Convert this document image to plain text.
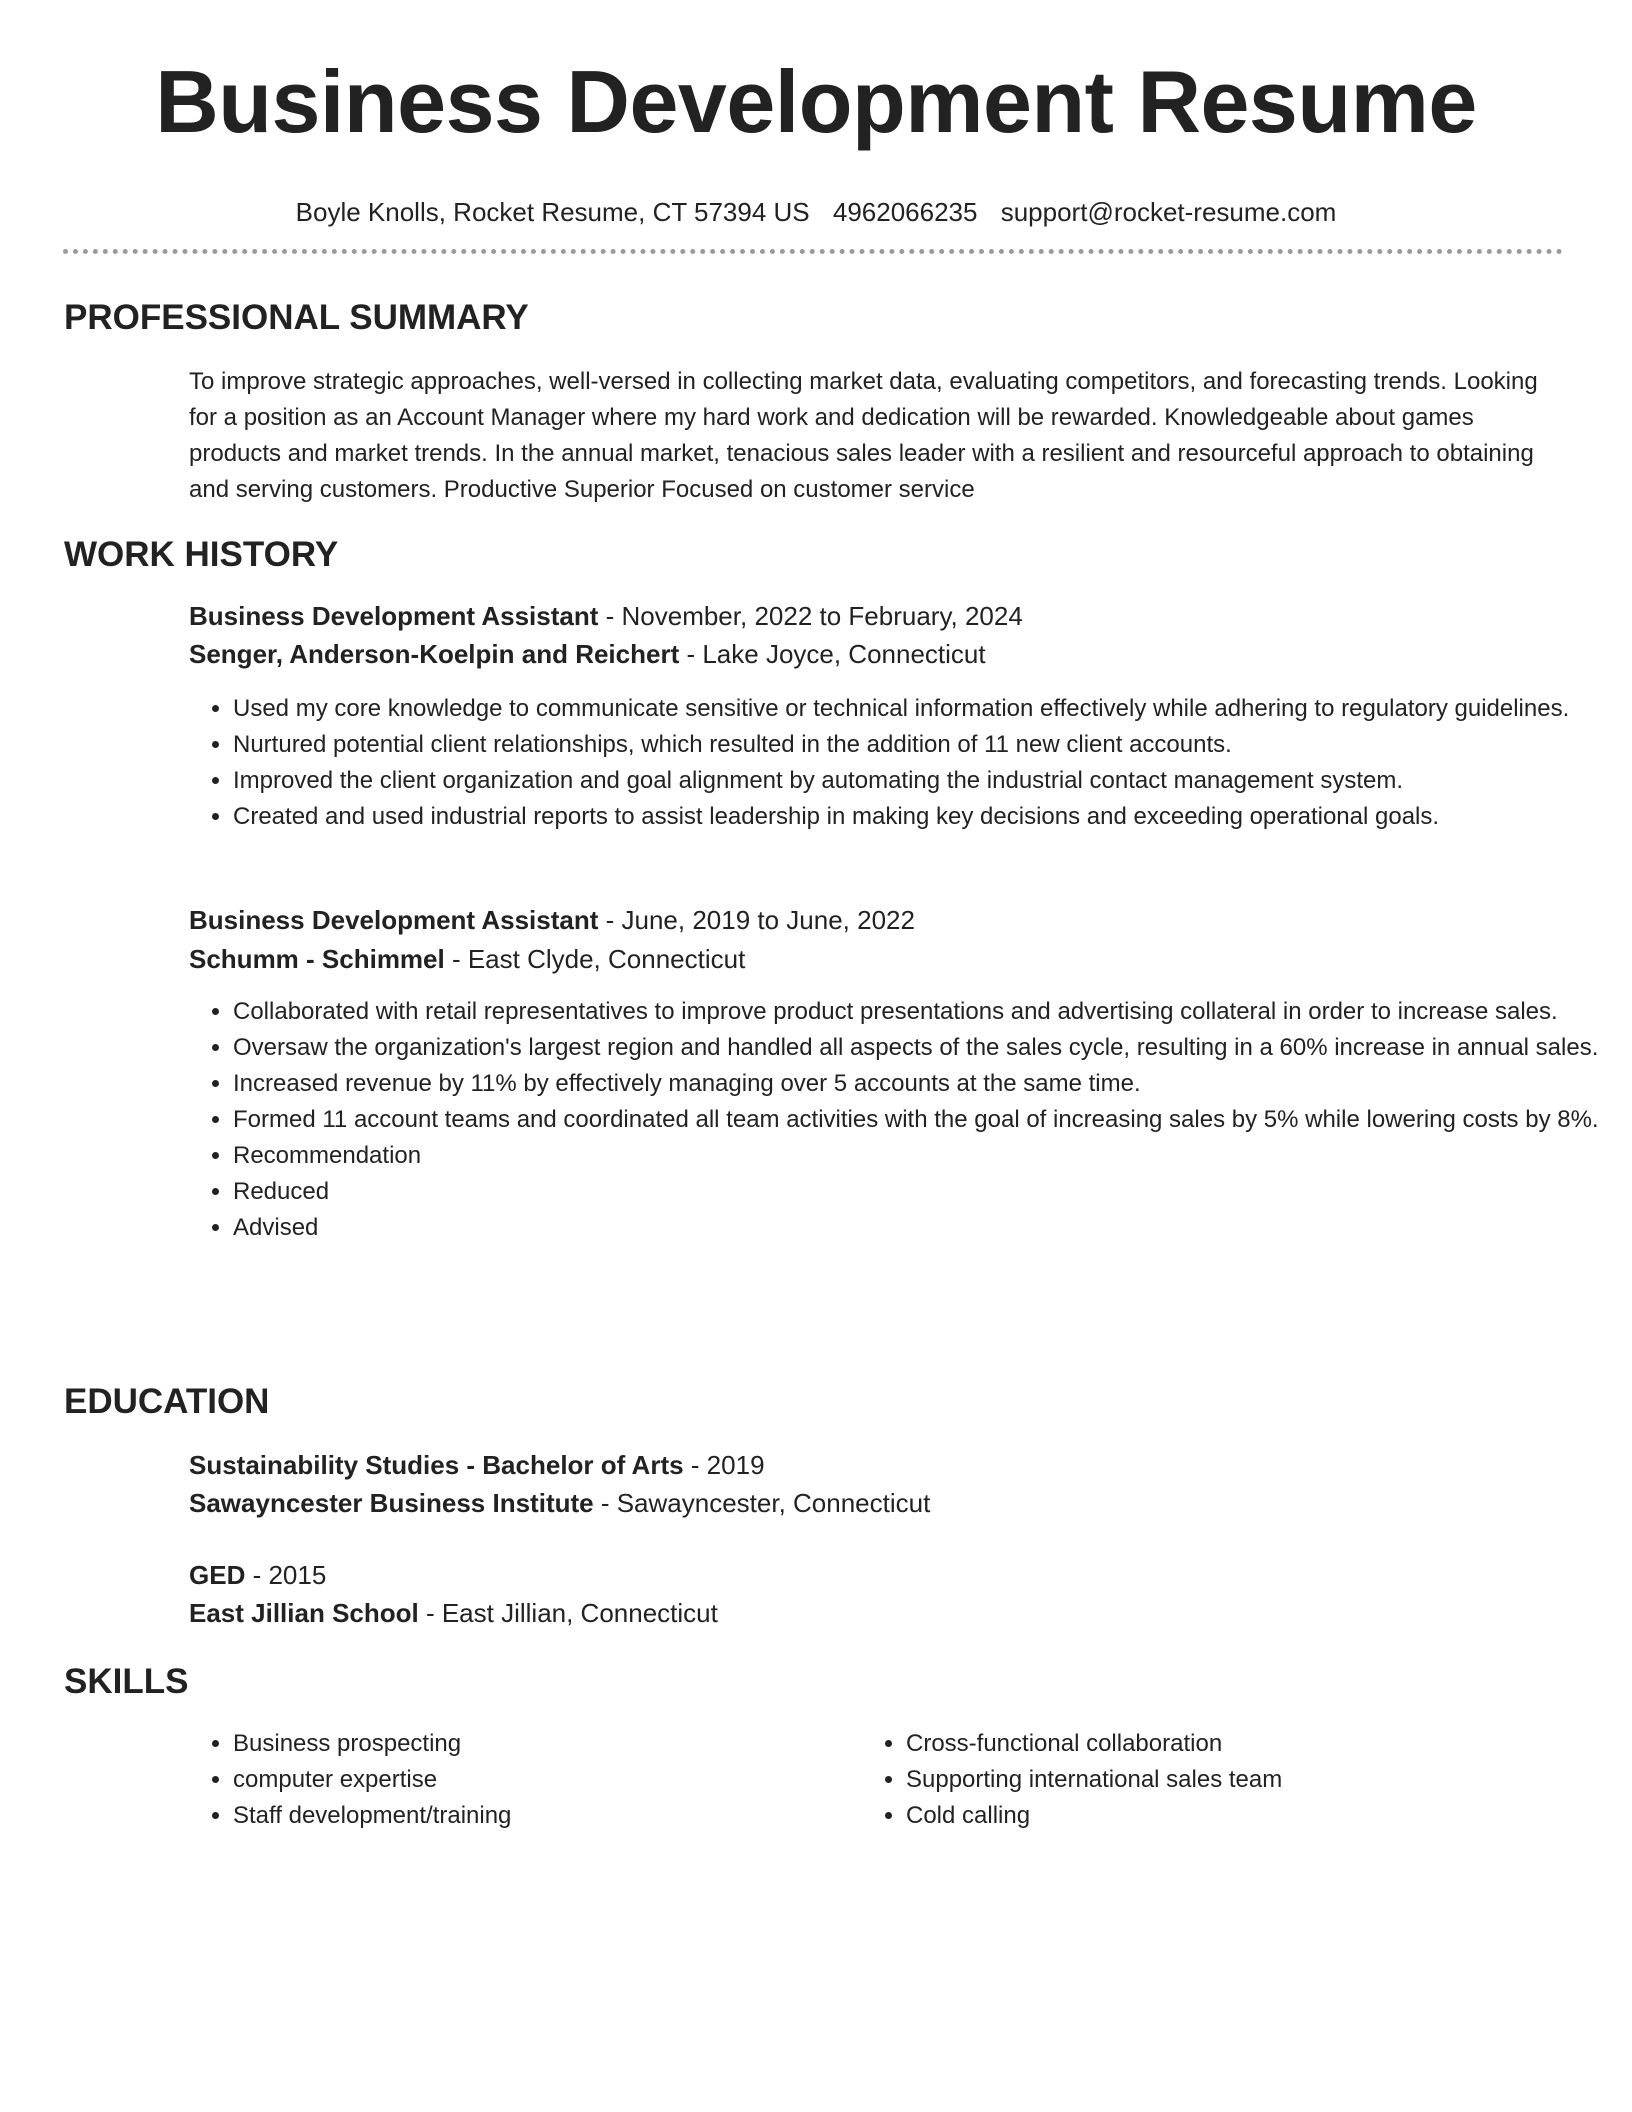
Business Development Resume
Boyle Knolls, Rocket Resume, CT 57394 US 4962066235 support@rocket-resume.com
PROFESSIONAL SUMMARY

To improve strategic approaches, well-versed in collecting market data, evaluating competitors, and forecasting trends. Looking for a position as an Account Manager where my hard work and dedication will be rewarded. Knowledgeable about games products and market trends. In the annual market, tenacious sales leader with a resilient and resourceful approach to obtaining and serving customers. Productive Superior Focused on customer service

WORK HISTORY
Business Development Assistant - November, 2022 to February, 2024
Senger, Anderson-Koelpin and Reichert - Lake Joyce, Connecticut
• Used my core knowledge to communicate sensitive or technical information effectively while adhering to regulatory guidelines.
• Nurtured potential client relationships, which resulted in the addition of 11 new client accounts.
• Improved the client organization and goal alignment by automating the industrial contact management system.
• Created and used industrial reports to assist leadership in making key decisions and exceeding operational goals.
Business Development Assistant - June, 2019 to June, 2022
Schumm - Schimmel - East Clyde, Connecticut
• Collaborated with retail representatives to improve product presentations and advertising collateral in order to increase sales.
• Oversaw the organization's largest region and handled all aspects of the sales cycle, resulting in a 60% increase in annual sales.
• Increased revenue by 11% by effectively managing over 5 accounts at the same time.
• Formed 11 account teams and coordinated all team activities with the goal of increasing sales by 5% while lowering costs by 8%.
• Recommendation
• Reduced
• Advised
EDUCATION
Sustainability Studies - Bachelor of Arts - 2019
Sawayncester Business Institute - Sawayncester, Connecticut
GED - 2015
East Jillian School - East Jillian, Connecticut
SKILLS
• Business prospecting
• computer expertise
• Staff development/training
• Cross-functional collaboration
• Supporting international sales team
• Cold calling
